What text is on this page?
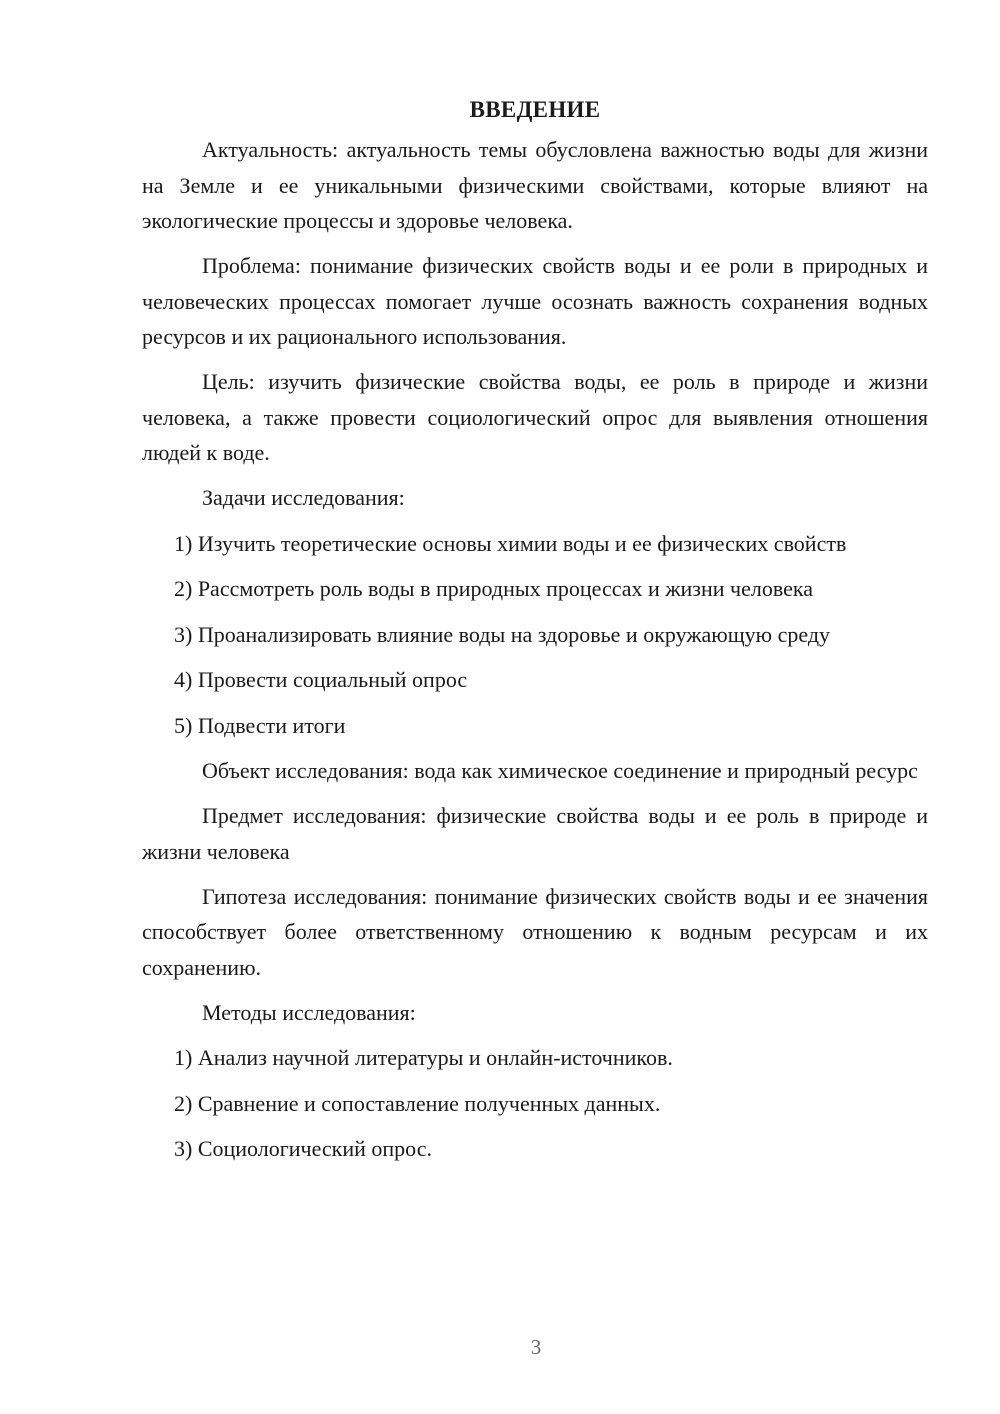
ВВЕДЕНИЕ

Актуальность: актуальность темы обусловлена важностью воды для жизни на Земле и ее уникальными физическими свойствами, которые влияют на экологические процессы и здоровье человека.

Проблема: понимание физических свойств воды и ее роли в природных и человеческих процессах помогает лучше осознать важность сохранения водных ресурсов и их рационального использования.

Цель: изучить физические свойства воды, ее роль в природе и жизни человека, а также провести социологический опрос для выявления отношения людей к воде.

Задачи исследования:

1) Изучить теоретические основы химии воды и ее физических свойств
2) Рассмотреть роль воды в природных процессах и жизни человека
3) Проанализировать влияние воды на здоровье и окружающую среду
4) Провести социальный опрос
5) Подвести итоги

Объект исследования: вода как химическое соединение и природный ресурс

Предмет исследования: физические свойства воды и ее роль в природе и жизни человека

Гипотеза исследования: понимание физических свойств воды и ее значения способствует более ответственному отношению к водным ресурсам и их сохранению.

Методы исследования:

1) Анализ научной литературы и онлайн-источников.
2) Сравнение и сопоставление полученных данных.
3) Социологический опрос.
3
